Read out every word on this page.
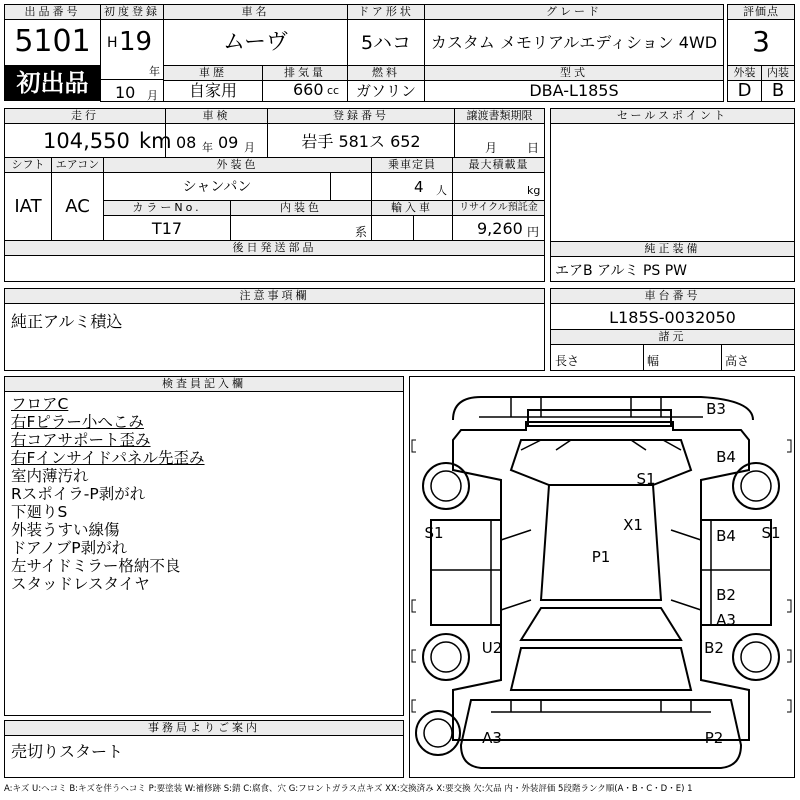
出品番号
5101
初出品
初度登録
H 19
年
10 月
車名
ムーヴ
ドア形状
5ハコ
グレード
カスタム メモリアルエディション 4WD
評価点
3
車歴
自家用
排気量
660 cc
燃料
ガソリン
型式
DBA-L185S
外装
D
内装
B
走行
104,550 km
車検
08 年 09 月
登録番号
岩手 581ス 652
譲渡書類期限
月 日
シフト
IAT
エアコン
AC
外装色
シャンパン
乗車定員
4 人
最大積載量
kg
カラーNo.
T17
内装色
系
輸入車	リサイクル預託金
9,260 円
後日発送部品
セールスポイント
純正装備
エアB アルミ PS PW
注意事項欄
純正アルミ積込
車台番号
L185S-0032050
諸元
長さ	幅	高さ
検査員記入欄
フロアC
右Fピラー小へこみ
右コアサポート歪み
右Fインサイドパネル先歪み
室内薄汚れ
Rスポイラ-P剥がれ
下廻りS
外装うすい線傷
ドアノブP剥がれ
左サイドミラー格納不良
スタッドレスタイヤ
B3
B4
S1
X1
B4 S1
S1
P1
B2
A3
U2	B2
A3	P2
事務局よりご案内
売切りスタート
A:キズ U:ヘコミ B:キズを伴うヘコミ P:要塗装 W:補修跡 S:錆 C:腐食、穴 G:フロントガラス点キズ XX:交換済み X:要交換 欠:欠品 内・外装評価 5段階ランク順(A・B・C・D・E) 1
